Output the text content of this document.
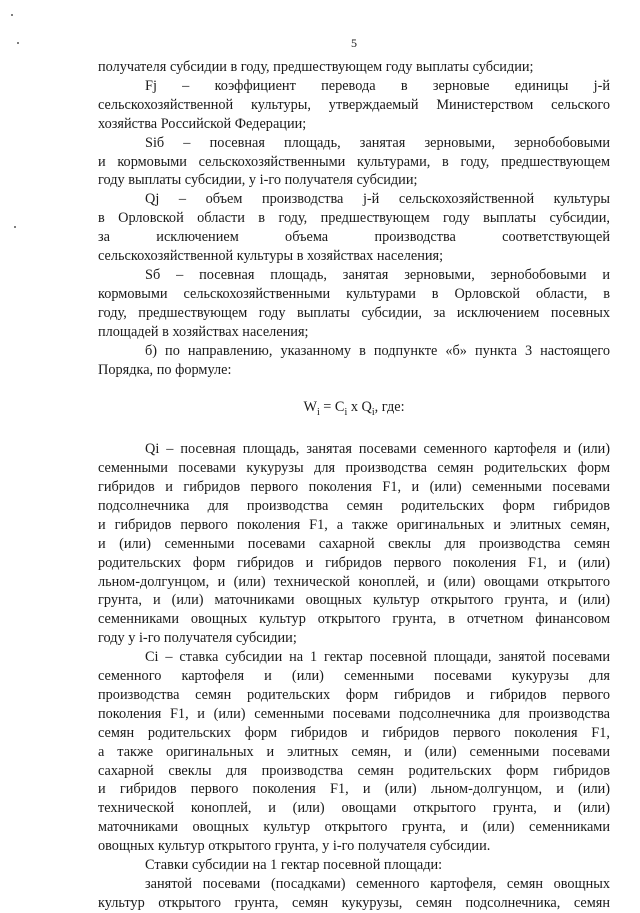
5

получателя субсидии в году, предшествующем году выплаты субсидии;

Fj – коэффициент перевода в зерновые единицы j-й

сельскохозяйственной культуры, утверждаемый Министерством сельского

хозяйства Российской Федерации;

Sіб – посевная площадь, занятая зерновыми, зернобобовыми

и кормовыми сельскохозяйственными культурами, в году, предшествующем

году выплаты субсидии, у i-го получателя субсидии;

Qj – объем производства j-й сельскохозяйственной культуры

в Орловской области в году, предшествующем году выплаты субсидии,

за исключением объема производства соответствующей

сельскохозяйственной культуры в хозяйствах населения;

Sб – посевная площадь, занятая зерновыми, зернобобовыми и

кормовыми сельскохозяйственными культурами в Орловской области, в

году, предшествующем году выплаты субсидии, за исключением посевных

площадей в хозяйствах населения;

б) по направлению, указанному в подпункте «б» пункта 3 настоящего

Порядка, по формуле:

$W_i = C_i$ x $Q_i$, где:

Qi – посевная площадь, занятая посевами семенного картофеля и (или)

семенными посевами кукурузы для производства семян родительских форм

гибридов и гибридов первого поколения F1, и (или) семенными посевами

подсолнечника для производства семян родительских форм гибридов

и гибридов первого поколения F1, а также оригинальных и элитных семян,

и (или) семенными посевами сахарной свеклы для производства семян

родительских форм гибридов и гибридов первого поколения F1, и (или)

льном-долгунцом, и (или) технической коноплей, и (или) овощами открытого

грунта, и (или) маточниками овощных культур открытого грунта, и (или)

семенниками овощных культур открытого грунта, в отчетном финансовом

году у i-го получателя субсидии;

Ci – ставка субсидии на 1 гектар посевной площади, занятой посевами

семенного картофеля и (или) семенными посевами кукурузы для

производства семян родительских форм гибридов и гибридов первого

поколения F1, и (или) семенными посевами подсолнечника для производства

семян родительских форм гибридов и гибридов первого поколения F1,

а также оригинальных и элитных семян, и (или) семенными посевами

сахарной свеклы для производства семян родительских форм гибридов

и гибридов первого поколения F1, и (или) льном-долгунцом, и (или)

технической коноплей, и (или) овощами открытого грунта, и (или)

маточниками овощных культур открытого грунта, и (или) семенниками

овощных культур открытого грунта, у i-го получателя субсидии.

Ставки субсидии на 1 гектар посевной площади:

занятой посевами (посадками) семенного картофеля, семян овощных

культур открытого грунта, семян кукурузы, семян подсолнечника, семян
